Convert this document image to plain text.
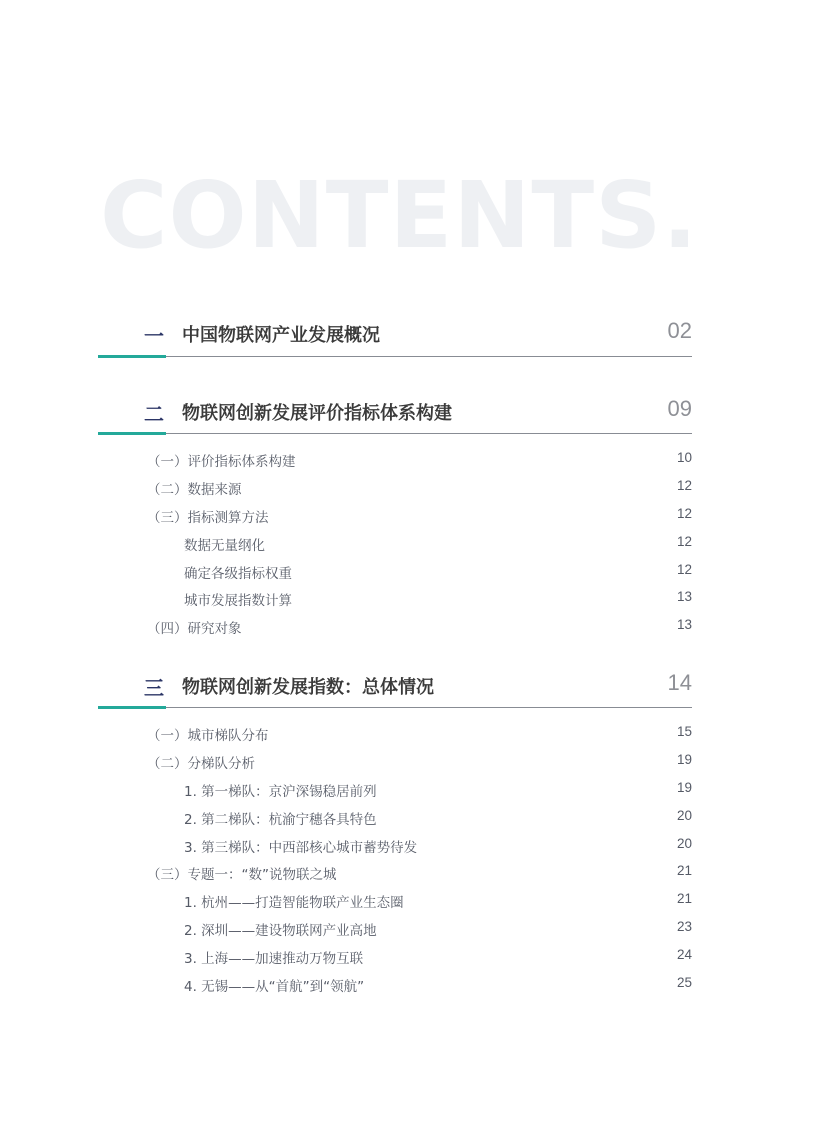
CONTENTS.
一 中国物联网产业发展概况	02
二 物联网创新发展评价指标体系构建	09
（一）评价指标体系构建	10
（二）数据来源	12
（三）指标测算方法	12
数据无量纲化	12
确定各级指标权重	12
城市发展指数计算	13
（四）研究对象	13
三 物联网创新发展指数：总体情况	14
（一）城市梯队分布	15
（二）分梯队分析	19
1. 第一梯队：京沪深锡稳居前列	19
2. 第二梯队：杭渝宁穗各具特色	20
3. 第三梯队：中西部核心城市蓄势待发	20
（三）专题一：“数”说物联之城	21
1. 杭州——打造智能物联产业生态圈	21
2. 深圳——建设物联网产业高地	23
3. 上海——加速推动万物互联	24
4. 无锡——从“首航”到“领航”	25
